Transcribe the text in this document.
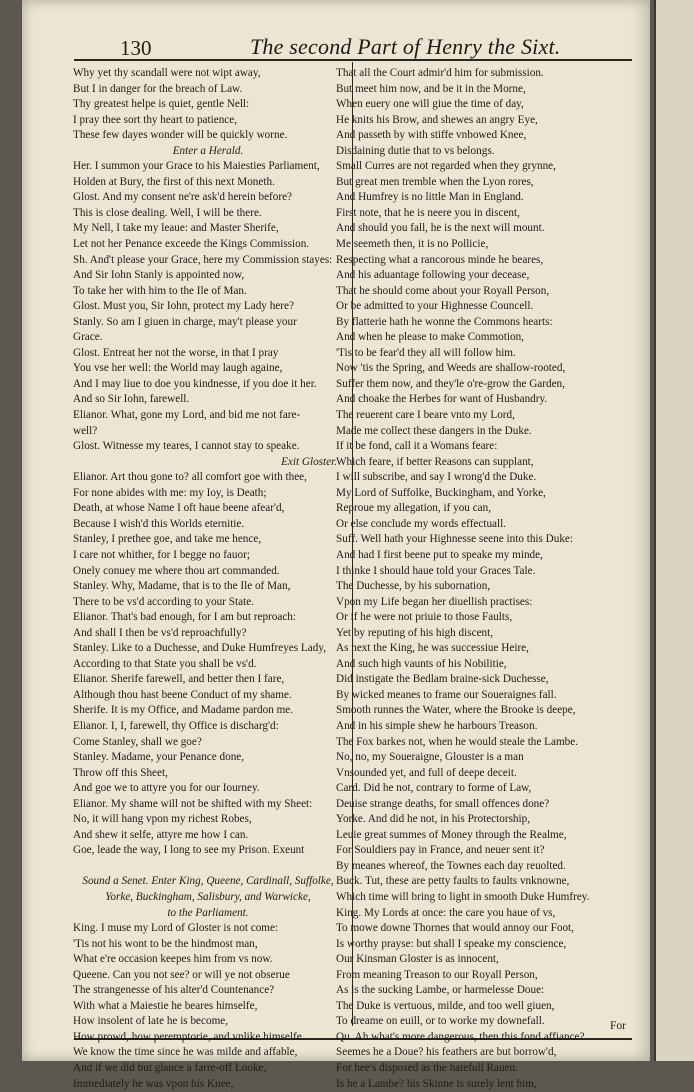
130	The second Part of Henry the Sixt.
Why yet thy scandall were not wipt away,
But I in danger for the breach of Law.
Thy greatest helpe is quiet, gentle Nell:
I pray thee sort thy heart to patience,
These few dayes wonder will be quickly worne.
Enter a Herald.
Her. I summon your Grace to his Maiesties Parliament,
Holden at Bury, the first of this next Moneth.
Glost. And my consent ne're ask'd herein before?
This is close dealing. Well, I will be there.
My Nell, I take my leaue: and Master Sherife,
Let not her Penance exceede the Kings Commission.
Sh. And't please your Grace, here my Commission stayes:
And Sir Iohn Stanly is appointed now,
To take her with him to the Ile of Man.
Glost. Must you, Sir Iohn, protect my Lady here?
Stanly. So am I giuen in charge, may't please your
Grace.
Glost. Entreat her not the worse, in that I pray
You vse her well: the World may laugh againe,
And I may liue to doe you kindnesse, if you doe it her.
And so Sir Iohn, farewell.
Elianor. What, gone my Lord, and bid me not fare-
well?
Glost. Witnesse my teares, I cannot stay to speake.
Exit Gloster.
Elianor. Art thou gone to? all comfort goe with thee,
For none abides with me: my Ioy, is Death;
Death, at whose Name I oft haue beene afear'd,
Because I wish'd this Worlds eternitie.
Stanley, I prethee goe, and take me hence,
I care not whither, for I begge no fauor;
Onely conuey me where thou art commanded.
Stanley. Why, Madame, that is to the Ile of Man,
There to be vs'd according to your State.
Elianor. That's bad enough, for I am but reproach:
And shall I then be vs'd reproachfully?
Stanley. Like to a Duchesse, and Duke Humfreyes Lady,
According to that State you shall be vs'd.
Elianor. Sherife farewell, and better then I fare,
Although thou hast beene Conduct of my shame.
Sherife. It is my Office, and Madame pardon me.
Elianor. I, I, farewell, thy Office is discharg'd:
Come Stanley, shall we goe?
Stanley. Madame, your Penance done,
Throw off this Sheet,
And goe we to attyre you for our Iourney.
Elianor. My shame will not be shifted with my Sheet:
No, it will hang vpon my richest Robes,
And shew it selfe, attyre me how I can.
Goe, leade the way, I long to see my Prison. Exeunt

Sound a Senet. Enter King, Queene, Cardinall, Suffolke,
Yorke, Buckingham, Salisbury, and Warwicke,
to the Parliament.
King. I muse my Lord of Gloster is not come:
'Tis not his wont to be the hindmost man,
What e're occasion keepes him from vs now.
Queene. Can you not see? or will ye not obserue
The strangenesse of his alter'd Countenance?
With what a Maiestie he beares himselfe,
How insolent of late he is become,
How prowd, how peremptorie, and vnlike himselfe.
We know the time since he was milde and affable,
And if we did but glance a farre-off Looke,
Immediately he was vpon his Knee,
That all the Court admir'd him for submission.
But meet him now, and be it in the Morne,
When euery one will giue the time of day,
He knits his Brow, and shewes an angry Eye,
And passeth by with stiffe vnbowed Knee,
Disdaining dutie that to vs belongs.
Small Curres are not regarded when they grynne,
But great men tremble when the Lyon rores,
And Humfrey is no little Man in England.
First note, that he is neere you in discent,
And should you fall, he is the next will mount.
Me seemeth then, it is no Pollicie,
Respecting what a rancorous minde he beares,
And his aduantage following your decease,
That he should come about your Royall Person,
Or be admitted to your Highnesse Councell.
By flatterie hath he wonne the Commons hearts:
And when he please to make Commotion,
'Tis to be fear'd they all will follow him.
Now 'tis the Spring, and Weeds are shallow-rooted,
Suffer them now, and they'le o're-grow the Garden,
And choake the Herbes for want of Husbandry.
The reuerent care I beare vnto my Lord,
Made me collect these dangers in the Duke.
If it be fond, call it a Womans feare:
Which feare, if better Reasons can supplant,
I will subscribe, and say I wrong'd the Duke.
My Lord of Suffolke, Buckingham, and Yorke,
Reproue my allegation, if you can,
Or else conclude my words effectuall.
Suff. Well hath your Highnesse seene into this Duke:
And had I first beene put to speake my minde,
I thinke I should haue told your Graces Tale.
The Duchesse, by his subornation,
Vpon my Life began her diuellish practises:
Or if he were not priuie to those Faults,
Yet by reputing of his high discent,
As next the King, he was successiue Heire,
And such high vaunts of his Nobilitie,
Did instigate the Bedlam braine-sick Duchesse,
By wicked meanes to frame our Soueraignes fall.
Smooth runnes the Water, where the Brooke is deepe,
And in his simple shew he harbours Treason.
The Fox barkes not, when he would steale the Lambe.
No, no, my Soueraigne, Glouster is a man
Vnsounded yet, and full of deepe deceit.
Card. Did he not, contrary to forme of Law,
Deuise strange deaths, for small offences done?
Yorke. And did he not, in his Protectorship,
Leuie great summes of Money through the Realme,
For Souldiers pay in France, and neuer sent it?
By meanes whereof, the Townes each day reuolted.
Buck. Tut, these are petty faults to faults vnknowne,
Which time will bring to light in smooth Duke Humfrey.
King. My Lords at once: the care you haue of vs,
To mowe downe Thornes that would annoy our Foot,
Is worthy prayse: but shall I speake my conscience,
Our Kinsman Gloster is as innocent,
From meaning Treason to our Royall Person,
As is the sucking Lambe, or harmelesse Doue:
The Duke is vertuous, milde, and too well giuen,
To dreame on euill, or to worke my downefall.
Qu. Ah what's more dangerous, then this fond affiance?
Seemes he a Doue? his feathers are but borrow'd,
For hee's disposed as the hatefull Rauen.
Is he a Lambe? his Skinne is surely lent him,
For
